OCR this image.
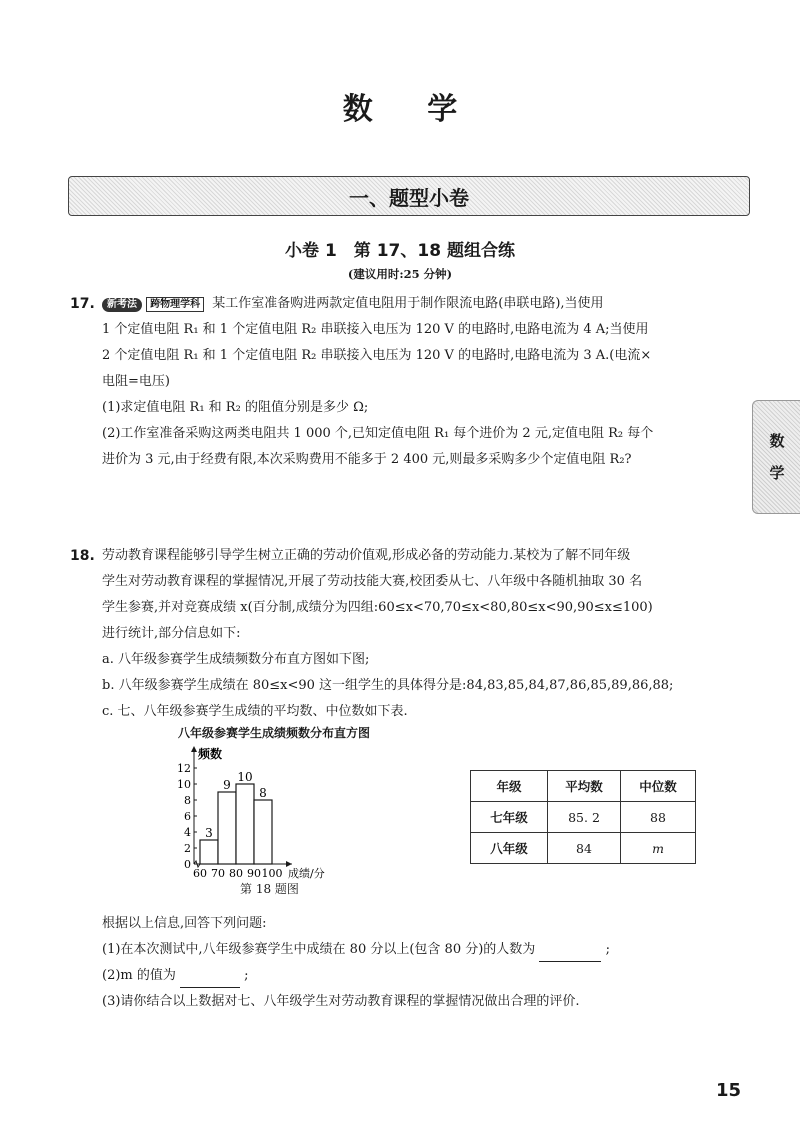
数 学
一、题型小卷
小卷 1　第 17、18 题组合练
(建议用时:25 分钟)
17.	新考法 跨物理学科 某工作室准备购进两款定值电阻用于制作限流电路(串联电路),当使用
1 个定值电阻 R₁ 和 1 个定值电阻 R₂ 串联接入电压为 120 V 的电路时,电路电流为 4 A;当使用
2 个定值电阻 R₁ 和 1 个定值电阻 R₂ 串联接入电压为 120 V 的电路时,电路电流为 3 A.(电流×
电阻=电压)
(1)求定值电阻 R₁ 和 R₂ 的阻值分别是多少 Ω;
(2)工作室准备采购这两类电阻共 1 000 个,已知定值电阻 R₁ 每个进价为 2 元,定值电阻 R₂ 每个
进价为 3 元,由于经费有限,本次采购费用不能多于 2 400 元,则最多采购多少个定值电阻 R₂?
数
学
18. 劳动教育课程能够引导学生树立正确的劳动价值观,形成必备的劳动能力.某校为了解不同年级
学生对劳动教育课程的掌握情况,开展了劳动技能大赛,校团委从七、八年级中各随机抽取 30 名
学生参赛,并对竞赛成绩 x(百分制,成绩分为四组:60≤x<70,70≤x<80,80≤x<90,90≤x≤100)
进行统计,部分信息如下:
a. 八年级参赛学生成绩频数分布直方图如下图;
b. 八年级参赛学生成绩在 80≤x<90 这一组学生的具体得分是:84,83,85,84,87,86,85,89,86,88;
c. 七、八年级参赛学生成绩的平均数、中位数如下表.
八年级参赛学生成绩频数分布直方图
0
2
4
6
8
10
12
频数
3
9
10
8
60 70 80 90 100 成绩/分
第 18 题图
年级	平均数	中位数
七年级	85. 2	88
八年级	84	m
根据以上信息,回答下列问题:
(1)在本次测试中,八年级参赛学生中成绩在 80 分以上(包含 80 分)的人数为	;
(2)m 的值为	;
(3)请你结合以上数据对七、八年级学生对劳动教育课程的掌握情况做出合理的评价.
15
